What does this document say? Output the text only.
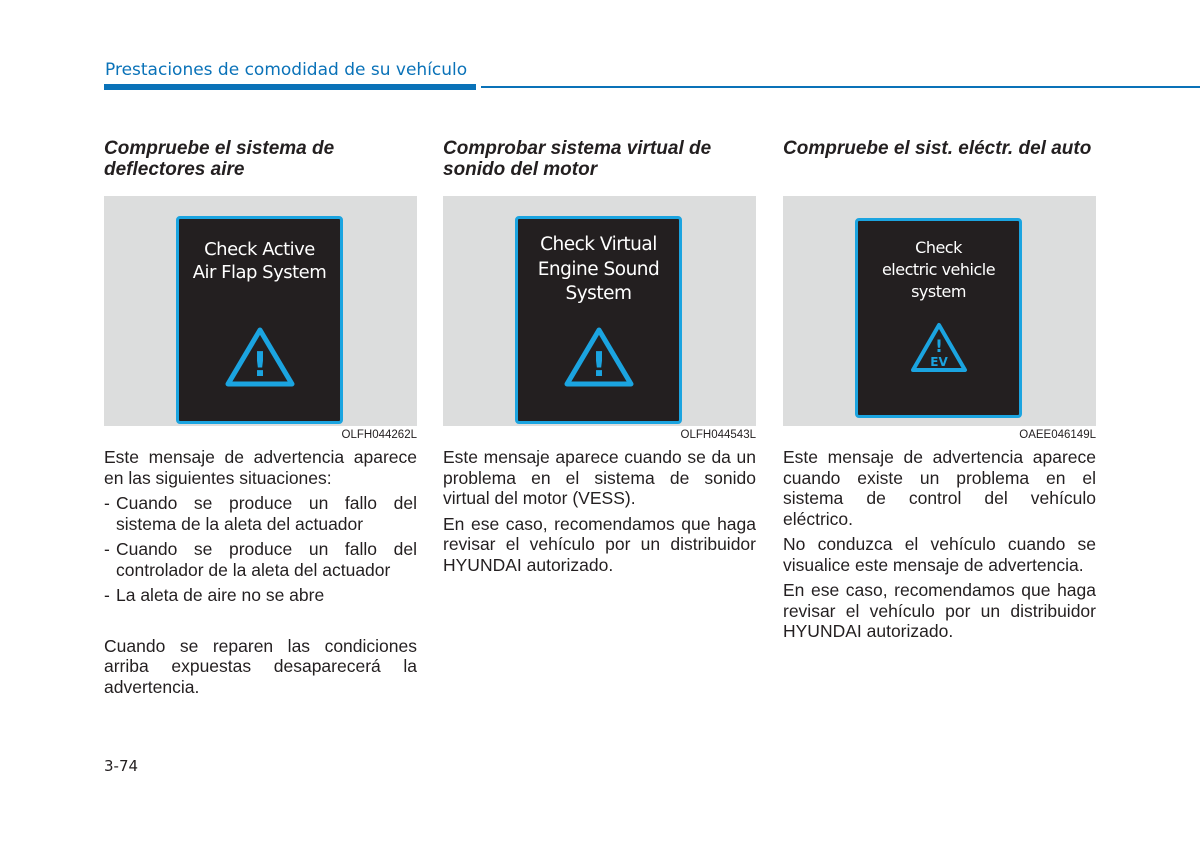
Prestaciones de comodidad de su vehículo
Compruebe el sistema de deflectores aire
Check Active
Air Flap System
!
OLFH044262L
Este mensaje de advertencia aparece en las siguientes situaciones:
- Cuando se produce un fallo del sistema de la aleta del actuador
- Cuando se produce un fallo del controlador de la aleta del actuador
- La aleta de aire no se abre
Cuando se reparen las condiciones arriba expuestas desaparecerá la advertencia.
Comprobar sistema virtual de sonido del motor
Check Virtual
Engine Sound
System
!
OLFH044543L
Este mensaje aparece cuando se da un problema en el sistema de sonido virtual del motor (VESS).
En ese caso, recomendamos que haga revisar el vehículo por un distribuidor HYUNDAI autorizado.
Compruebe el sist. eléctr. del auto
Check
electric vehicle
system
!
EV
OAEE046149L
Este mensaje de advertencia aparece cuando existe un problema en el sistema de control del vehículo eléctrico.
No conduzca el vehículo cuando se visualice este mensaje de advertencia.
En ese caso, recomendamos que haga revisar el vehículo por un distribuidor HYUNDAI autorizado.
3-74
